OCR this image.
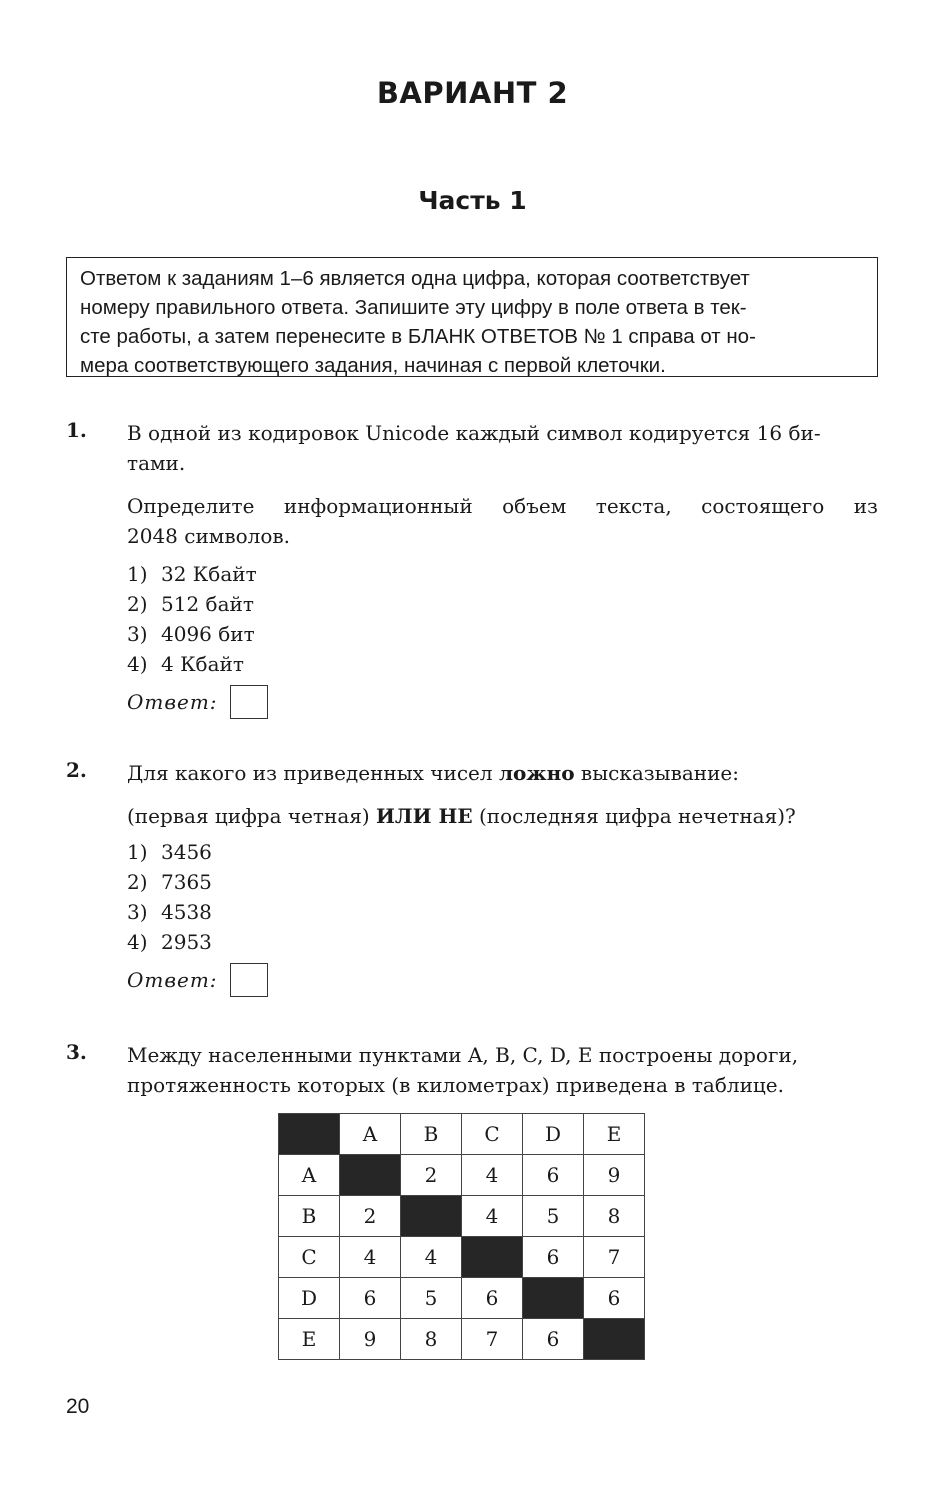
ВАРИАНТ 2
Часть 1
Ответом к заданиям 1–6 является одна цифра, которая соответствует
номеру правильного ответа. Запишите эту цифру в поле ответа в тек-
сте работы, а затем перенесите в БЛАНК ОТВЕТОВ № 1 справа от но-
мера соответствующего задания, начиная с первой клеточки.
1. В одной из кодировок Unicode каждый символ кодируется 16 би-
тами.
Определите информационный объем текста, состоящего из
2048 символов.
1) 32 Кбайт
2) 512 байт
3) 4096 бит
4) 4 Кбайт
Ответ:
2. Для какого из приведенных чисел ложно высказывание:
(первая цифра четная) ИЛИ НЕ (последняя цифра нечетная)?
1) 3456
2) 7365
3) 4538
4) 2953
Ответ:
3. Между населенными пунктами A, B, C, D, E построены дороги,
протяженность которых (в километрах) приведена в таблице.
	A	B	C	D	E
A		2	4	6	9
B	2		4	5	8
C	4	4		6	7
D	6	5	6		6
E	9	8	7	6	
20
